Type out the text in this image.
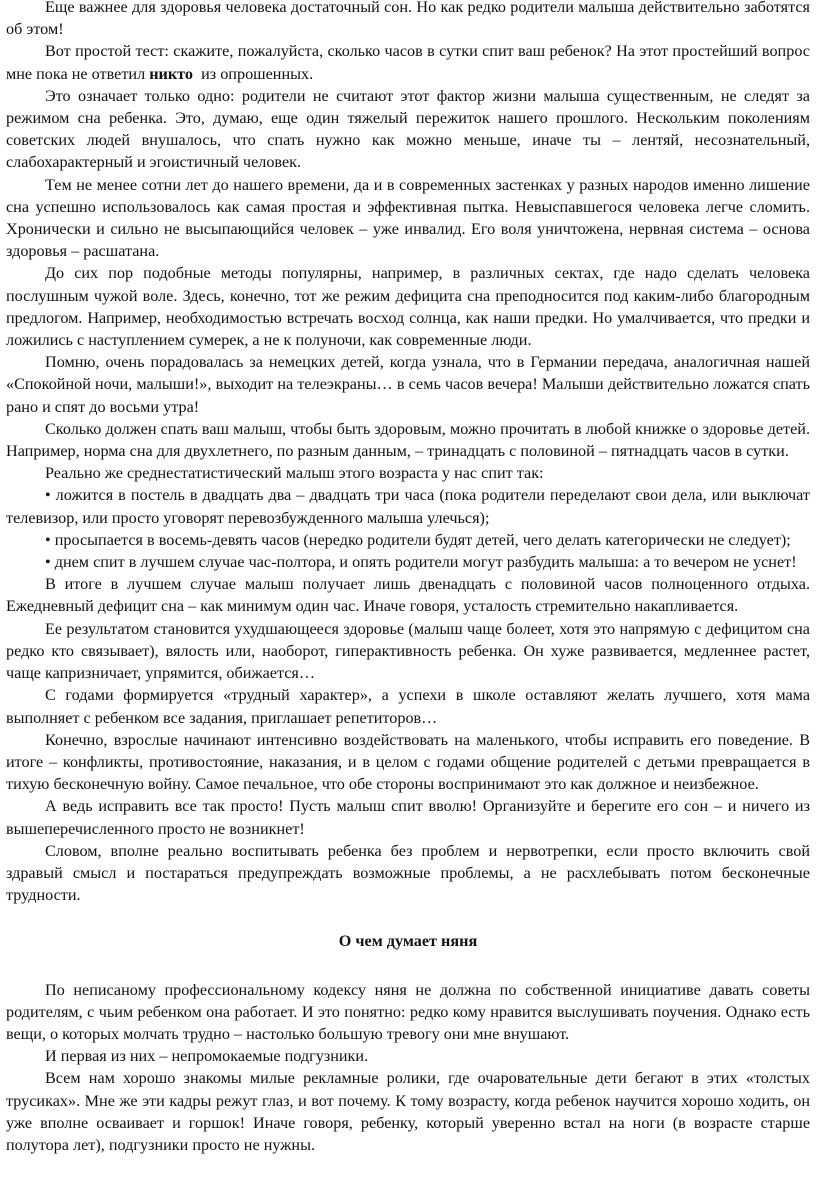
Еще важнее для здоровья человека достаточный сон. Но как редко родители малыша действительно заботятся об этом!

Вот простой тест: скажите, пожалуйста, сколько часов в сутки спит ваш ребенок? На этот простейший вопрос мне пока не ответил никто  из опрошенных.

Это означает только одно: родители не считают этот фактор жизни малыша существенным, не следят за режимом сна ребенка. Это, думаю, еще один тяжелый пережиток нашего прошлого. Нескольким поколениям советских людей внушалось, что спать нужно как можно меньше, иначе ты – лентяй, несознательный, слабохарактерный и эгоистичный человек.

Тем не менее сотни лет до нашего времени, да и в современных застенках у разных народов именно лишение сна успешно использовалось как самая простая и эффективная пытка. Невыспавшегося человека легче сломить. Хронически и сильно не высыпающийся человек – уже инвалид. Его воля уничтожена, нервная система – основа здоровья – расшатана.

До сих пор подобные методы популярны, например, в различных сектах, где надо сделать человека послушным чужой воле. Здесь, конечно, тот же режим дефицита сна преподносится под каким-либо благородным предлогом. Например, необходимостью встречать восход солнца, как наши предки. Но умалчивается, что предки и ложились с наступлением сумерек, а не к полуночи, как современные люди.

Помню, очень порадовалась за немецких детей, когда узнала, что в Германии передача, аналогичная нашей «Спокойной ночи, малыши!», выходит на телеэкраны… в семь часов вечера! Малыши действительно ложатся спать рано и спят до восьми утра!

Сколько должен спать ваш малыш, чтобы быть здоровым, можно прочитать в любой книжке о здоровье детей. Например, норма сна для двухлетнего, по разным данным, – тринадцать с половиной – пятнадцать часов в сутки.

Реально же среднестатистический малыш этого возраста у нас спит так:

• ложится в постель в двадцать два – двадцать три часа (пока родители переделают свои дела, или выключат телевизор, или просто уговорят перевозбужденного малыша улечься);

• просыпается в восемь-девять часов (нередко родители будят детей, чего делать категорически не следует);

• днем спит в лучшем случае час-полтора, и опять родители могут разбудить малыша: а то вечером не уснет!

В итоге в лучшем случае малыш получает лишь двенадцать с половиной часов полноценного отдыха. Ежедневный дефицит сна – как минимум один час. Иначе говоря, усталость стремительно накапливается.

Ее результатом становится ухудшающееся здоровье (малыш чаще болеет, хотя это напрямую с дефицитом сна редко кто связывает), вялость или, наоборот, гиперактивность ребенка. Он хуже развивается, медленнее растет, чаще капризничает, упрямится, обижается…

С годами формируется «трудный характер», а успехи в школе оставляют желать лучшего, хотя мама выполняет с ребенком все задания, приглашает репетиторов…

Конечно, взрослые начинают интенсивно воздействовать на маленького, чтобы исправить его поведение. В итоге – конфликты, противостояние, наказания, и в целом с годами общение родителей с детьми превращается в тихую бесконечную войну. Самое печальное, что обе стороны воспринимают это как должное и неизбежное.

А ведь исправить все так просто! Пусть малыш спит вволю! Организуйте и берегите его сон – и ничего из вышеперечисленного просто не возникнет!

Словом, вполне реально воспитывать ребенка без проблем и нервотрепки, если просто включить свой здравый смысл и постараться предупреждать возможные проблемы, а не расхлебывать потом бесконечные трудности.

О чем думает няня

По неписаному профессиональному кодексу няня не должна по собственной инициативе давать советы родителям, с чьим ребенком она работает. И это понятно: редко кому нравится выслушивать поучения. Однако есть вещи, о которых молчать трудно – настолько большую тревогу они мне внушают.

И первая из них – непромокаемые подгузники.

Всем нам хорошо знакомы милые рекламные ролики, где очаровательные дети бегают в этих «толстых трусиках». Мне же эти кадры режут глаз, и вот почему. К тому возрасту, когда ребенок научится хорошо ходить, он уже вполне осваивает и горшок! Иначе говоря, ребенку, который уверенно встал на ноги (в возрасте старше полутора лет), подгузники просто не нужны.
